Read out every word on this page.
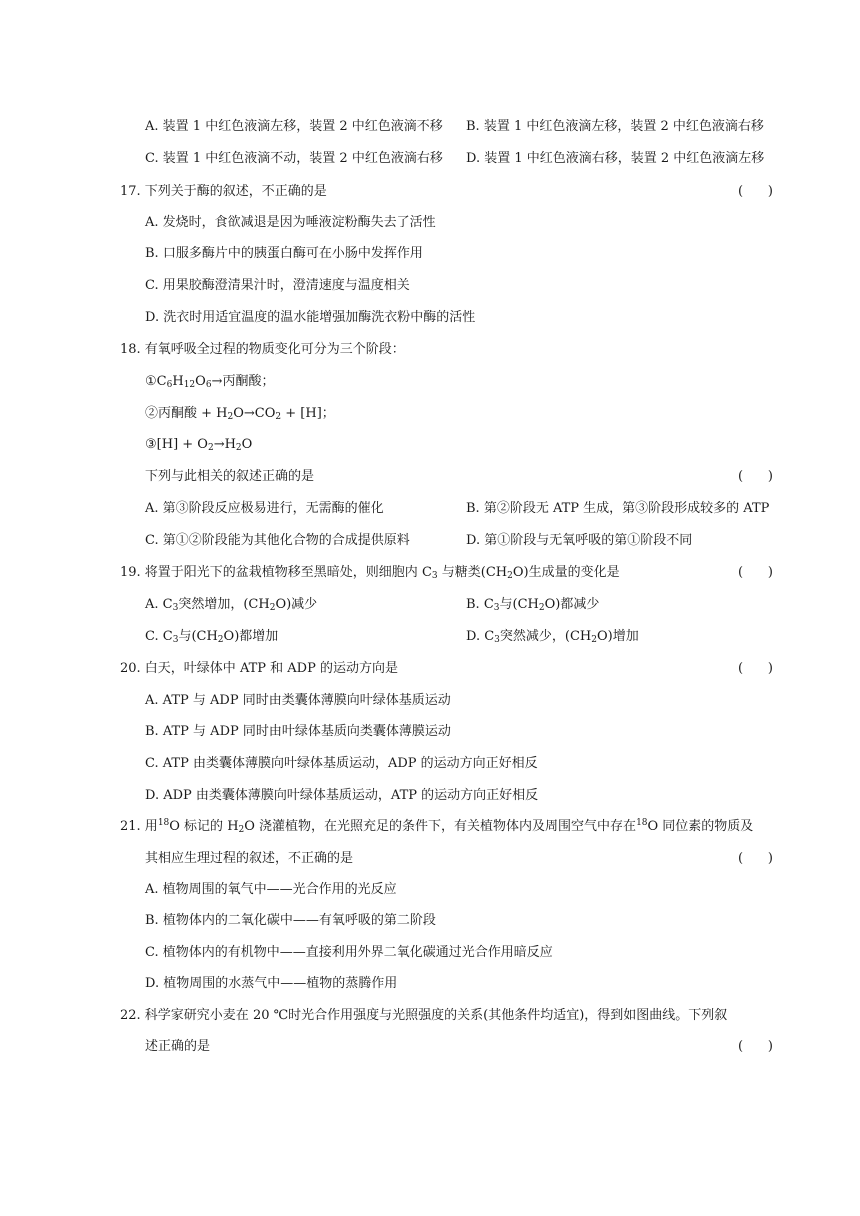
A. 装置 1 中红色液滴左移，装置 2 中红色液滴不移 B. 装置 1 中红色液滴左移，装置 2 中红色液滴右移
C. 装置 1 中红色液滴不动，装置 2 中红色液滴右移 D. 装置 1 中红色液滴右移，装置 2 中红色液滴左移
17. 下列关于酶的叙述，不正确的是	(      )
A. 发烧时，食欲减退是因为唾液淀粉酶失去了活性
B. 口服多酶片中的胰蛋白酶可在小肠中发挥作用
C. 用果胶酶澄清果汁时，澄清速度与温度相关
D. 洗衣时用适宜温度的温水能增强加酶洗衣粉中酶的活性
18. 有氧呼吸全过程的物质变化可分为三个阶段：
$①C_6H_{12}O_6\to$丙酮酸；
②丙酮酸 + $H_2O\to CO_2 + [H]$；
③[H] + $O_2\to H_2O$
下列与此相关的叙述正确的是	(      )
A. 第③阶段反应极易进行，无需酶的催化	B. 第②阶段无 ATP 生成，第③阶段形成较多的 ATP
C. 第①②阶段能为其他化合物的合成提供原料	D. 第①阶段与无氧呼吸的第①阶段不同
19. 将置于阳光下的盆栽植物移至黑暗处，则细胞内 $C_3$ 与糖类$(CH_2O)$生成量的变化是	(      )
A. $C_3$突然增加，$(CH_2O)$减少	B. $C_3$与$(CH_2O)$都减少
C. $C_3$与$(CH_2O)$都增加	D. $C_3$突然减少，$(CH_2O)$增加
20. 白天，叶绿体中 ATP 和 ADP 的运动方向是	(      )
A. ATP 与 ADP 同时由类囊体薄膜向叶绿体基质运动
B. ATP 与 ADP 同时由叶绿体基质向类囊体薄膜运动
C. ATP 由类囊体薄膜向叶绿体基质运动，ADP 的运动方向正好相反
D. ADP 由类囊体薄膜向叶绿体基质运动，ATP 的运动方向正好相反
21. 用$^{18}$O 标记的 $H_2O$ 浇灌植物，在光照充足的条件下，有关植物体内及周围空气中存在$^{18}$O 同位素的物质及
其相应生理过程的叙述，不正确的是	(      )
A. 植物周围的氧气中——光合作用的光反应
B. 植物体内的二氧化碳中——有氧呼吸的第二阶段
C. 植物体内的有机物中——直接利用外界二氧化碳通过光合作用暗反应
D. 植物周围的水蒸气中——植物的蒸腾作用
22. 科学家研究小麦在 20 ℃时光合作用强度与光照强度的关系(其他条件均适宜)，得到如图曲线。下列叙
述正确的是	(      )
